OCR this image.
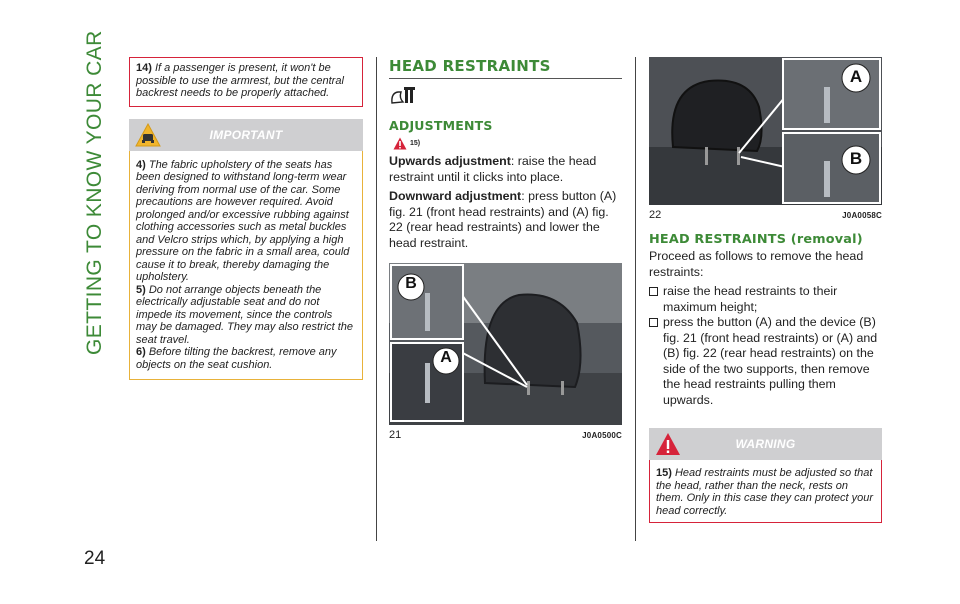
GETTING TO KNOW YOUR CAR
24
14) If a passenger is present, it won't be possible to use the armrest, but the central backrest needs to be properly attached.
IMPORTANT

4) The fabric upholstery of the seats has been designed to withstand long-term wear deriving from normal use of the car. Some precautions are however required. Avoid prolonged and/or excessive rubbing against clothing accessories such as metal buckles and Velcro strips which, by applying a high pressure on the fabric in a small area, could cause it to break, thereby damaging the upholstery.

5) Do not arrange objects beneath the electrically adjustable seat and do not impede its movement, since the controls may be damaged. They may also restrict the seat travel.

6) Before tilting the backrest, remove any objects on the seat cushion.

HEAD RESTRAINTS
ADJUSTMENTS
15)

Upwards adjustment: raise the head restraint until it clicks into place.

Downward adjustment: press button (A) fig. 21 (front head restraints) and (A) fig. 22 (rear head restraints) and lower the head restraint.

B
A
21	J0A0500C
A
B
22	J0A0058C
HEAD RESTRAINTS (removal)

Proceed as follows to remove the head restraints:

raise the head restraints to their maximum height;
press the button (A) and the device (B) fig. 21 (front head restraints) or (A) and (B) fig. 22 (rear head restraints) on the side of the two supports, then remove the head restraints pulling them upwards.
WARNING
15) Head restraints must be adjusted so that the head, rather than the neck, rests on them. Only in this case they can protect your head correctly.
